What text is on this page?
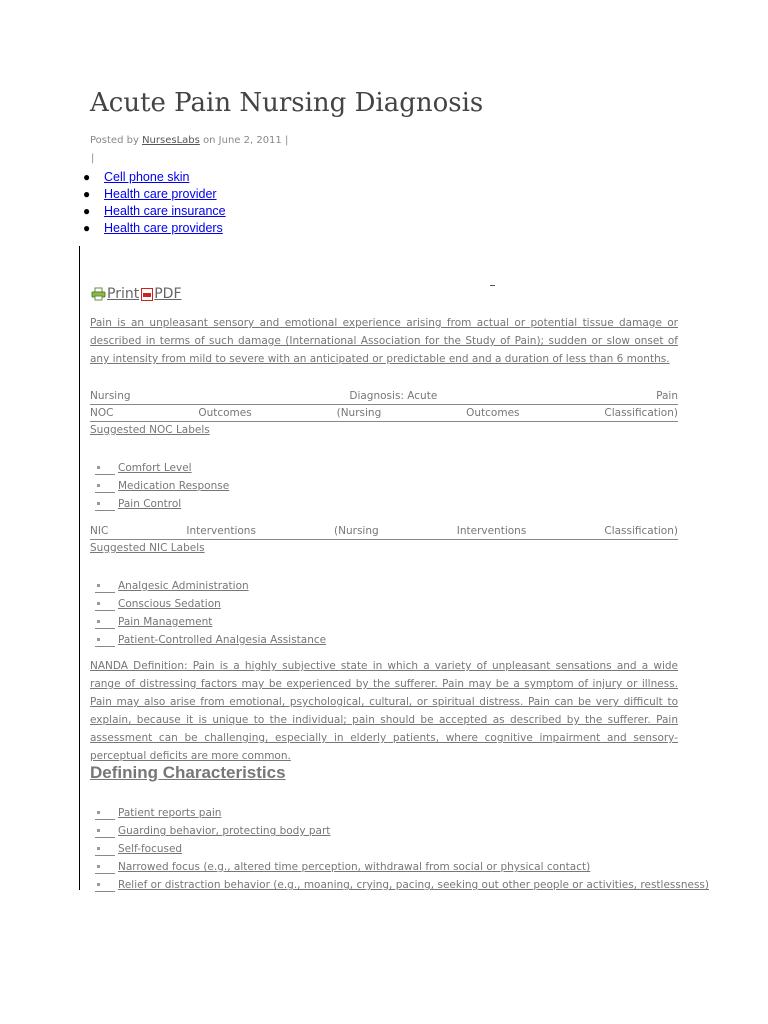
Acute Pain Nursing Diagnosis
Posted by NursesLabs on June 2, 2011 |
|
● Cell phone skin
● Health care provider
● Health care insurance
● Health care providers
Print PDF

Pain is an unpleasant sensory and emotional experience arising from actual or potential tissue damage or described in terms of such damage (International Association for the Study of Pain); sudden or slow onset of any intensity from mild to severe with an anticipated or predictable end and a duration of less than 6 months.

Nursing	Diagnosis: Acute	Pain
NOC	Outcomes	(Nursing	Outcomes	Classification)
Suggested NOC Labels
Comfort Level
Medication Response
Pain Control
NIC	Interventions	(Nursing	Interventions	Classification)
Suggested NIC Labels
Analgesic Administration
Conscious Sedation
Pain Management
Patient-Controlled Analgesia Assistance

NANDA Definition: Pain is a highly subjective state in which a variety of unpleasant sensations and a wide range of distressing factors may be experienced by the sufferer. Pain may be a symptom of injury or illness. Pain may also arise from emotional, psychological, cultural, or spiritual distress. Pain can be very difficult to explain, because it is unique to the individual; pain should be accepted as described by the sufferer. Pain assessment can be challenging, especially in elderly patients, where cognitive impairment and sensory-perceptual deficits are more common.

Defining Characteristics
Patient reports pain
Guarding behavior, protecting body part
Self-focused
Narrowed focus (e.g., altered time perception, withdrawal from social or physical contact)
Relief or distraction behavior (e.g., moaning, crying, pacing, seeking out other people or activities, restlessness)
